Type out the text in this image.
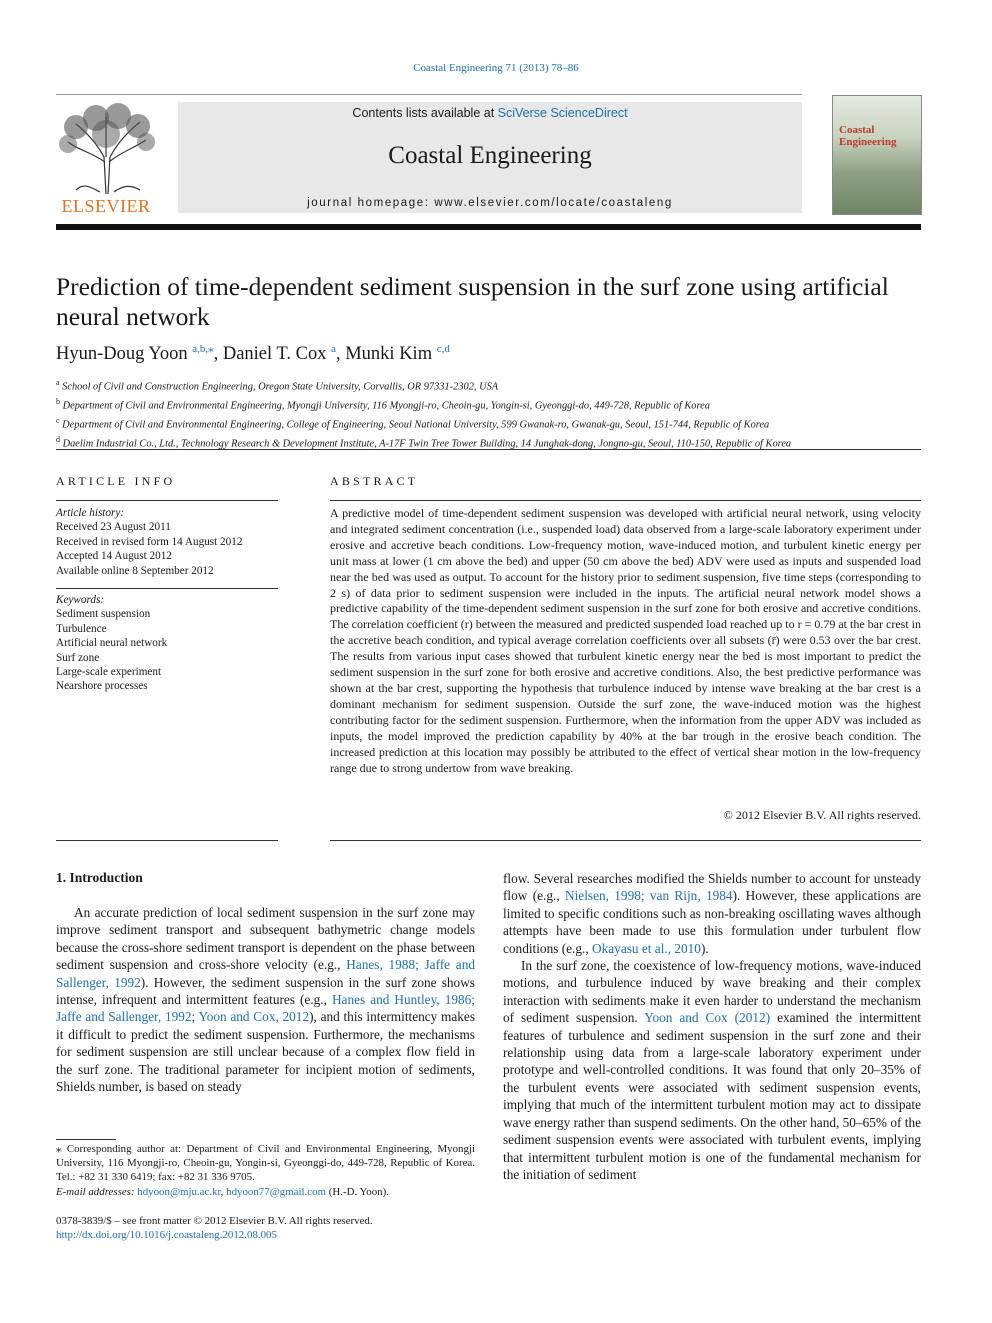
Coastal Engineering 71 (2013) 78–86
ELSEVIER
Contents lists available at SciVerse ScienceDirect
Coastal Engineering
journal homepage: www.elsevier.com/locate/coastaleng
Coastal Engineering
Prediction of time-dependent sediment suspension in the surf zone using artificial neural network
Hyun-Doug Yoon $^{a,b,⁎}$, Daniel T. Cox $^a$, Munki Kim $^{c,d}$
$^a$ School of Civil and Construction Engineering, Oregon State University, Corvallis, OR 97331-2302, USA
$^b$ Department of Civil and Environmental Engineering, Myongji University, 116 Myongji-ro, Cheoin-gu, Yongin-si, Gyeonggi-do, 449-728, Republic of Korea
$^c$ Department of Civil and Environmental Engineering, College of Engineering, Seoul National University, 599 Gwanak-ro, Gwanak-gu, Seoul, 151-744, Republic of Korea
$^d$ Daelim Industrial Co., Ltd., Technology Research & Development Institute, A-17F Twin Tree Tower Building, 14 Junghak-dong, Jongno-gu, Seoul, 110-150, Republic of Korea
ARTICLE INFO
Article history:
Received 23 August 2011
Received in revised form 14 August 2012
Accepted 14 August 2012
Available online 8 September 2012
Keywords:
Sediment suspension
Turbulence
Artificial neural network
Surf zone
Large-scale experiment
Nearshore processes
ABSTRACT
A predictive model of time-dependent sediment suspension was developed with artificial neural network, using velocity and integrated sediment concentration (i.e., suspended load) data observed from a large-scale laboratory experiment under erosive and accretive beach conditions. Low-frequency motion, wave-induced motion, and turbulent kinetic energy per unit mass at lower (1 cm above the bed) and upper (50 cm above the bed) ADV were used as inputs and suspended load near the bed was used as output. To account for the history prior to sediment suspension, five time steps (corresponding to 2 s) of data prior to sediment suspension were included in the inputs. The artificial neural network model shows a predictive capability of the time-dependent sediment suspension in the surf zone for both erosive and accretive conditions. The correlation coefficient (r) between the measured and predicted suspended load reached up to r = 0.79 at the bar crest in the accretive beach condition, and typical average correlation coefficients over all subsets (r̄) were 0.53 over the bar crest. The results from various input cases showed that turbulent kinetic energy near the bed is most important to predict the sediment suspension in the surf zone for both erosive and accretive conditions. Also, the best predictive performance was shown at the bar crest, supporting the hypothesis that turbulence induced by intense wave breaking at the bar crest is a dominant mechanism for sediment suspension. Outside the surf zone, the wave-induced motion was the highest contributing factor for the sediment suspension. Furthermore, when the information from the upper ADV was included as inputs, the model improved the prediction capability by 40% at the bar trough in the erosive beach condition. The increased prediction at this location may possibly be attributed to the effect of vertical shear motion in the low-frequency range due to strong undertow from wave breaking.
© 2012 Elsevier B.V. All rights reserved.
1. Introduction

An accurate prediction of local sediment suspension in the surf zone may improve sediment transport and subsequent bathymetric change models because the cross-shore sediment transport is dependent on the phase between sediment suspension and cross-shore velocity (e.g., Hanes, 1988; Jaffe and Sallenger, 1992). However, the sediment suspension in the surf zone shows intense, infrequent and intermittent features (e.g., Hanes and Huntley, 1986; Jaffe and Sallenger, 1992; Yoon and Cox, 2012), and this intermittency makes it difficult to predict the sediment suspension. Furthermore, the mechanisms for sediment suspension are still unclear because of a complex flow field in the surf zone. The traditional parameter for incipient motion of sediments, Shields number, is based on steady

flow. Several researches modified the Shields number to account for unsteady flow (e.g., Nielsen, 1998; van Rijn, 1984). However, these applications are limited to specific conditions such as non-breaking oscillating waves although attempts have been made to use this formulation under turbulent flow conditions (e.g., Okayasu et al., 2010).

In the surf zone, the coexistence of low-frequency motions, wave-induced motions, and turbulence induced by wave breaking and their complex interaction with sediments make it even harder to understand the mechanism of sediment suspension. Yoon and Cox (2012) examined the intermittent features of turbulence and sediment suspension in the surf zone and their relationship using data from a large-scale laboratory experiment under prototype and well-controlled conditions. It was found that only 20–35% of the turbulent events were associated with sediment suspension events, implying that much of the intermittent turbulent motion may act to dissipate wave energy rather than suspend sediments. On the other hand, 50–65% of the sediment suspension events were associated with turbulent events, implying that intermittent turbulent motion is one of the fundamental mechanism for the initiation of sediment

⁎ Corresponding author at: Department of Civil and Environmental Engineering, Myongji University, 116 Myongji-ro, Cheoin-gu, Yongin-si, Gyeonggi-do, 449-728, Republic of Korea. Tel.: +82 31 330 6419; fax: +82 31 336 9705.
E-mail addresses: hdyoon@mju.ac.kr, hdyoon77@gmail.com (H.-D. Yoon).
0378-3839/$ – see front matter © 2012 Elsevier B.V. All rights reserved.
http://dx.doi.org/10.1016/j.coastaleng.2012.08.005
